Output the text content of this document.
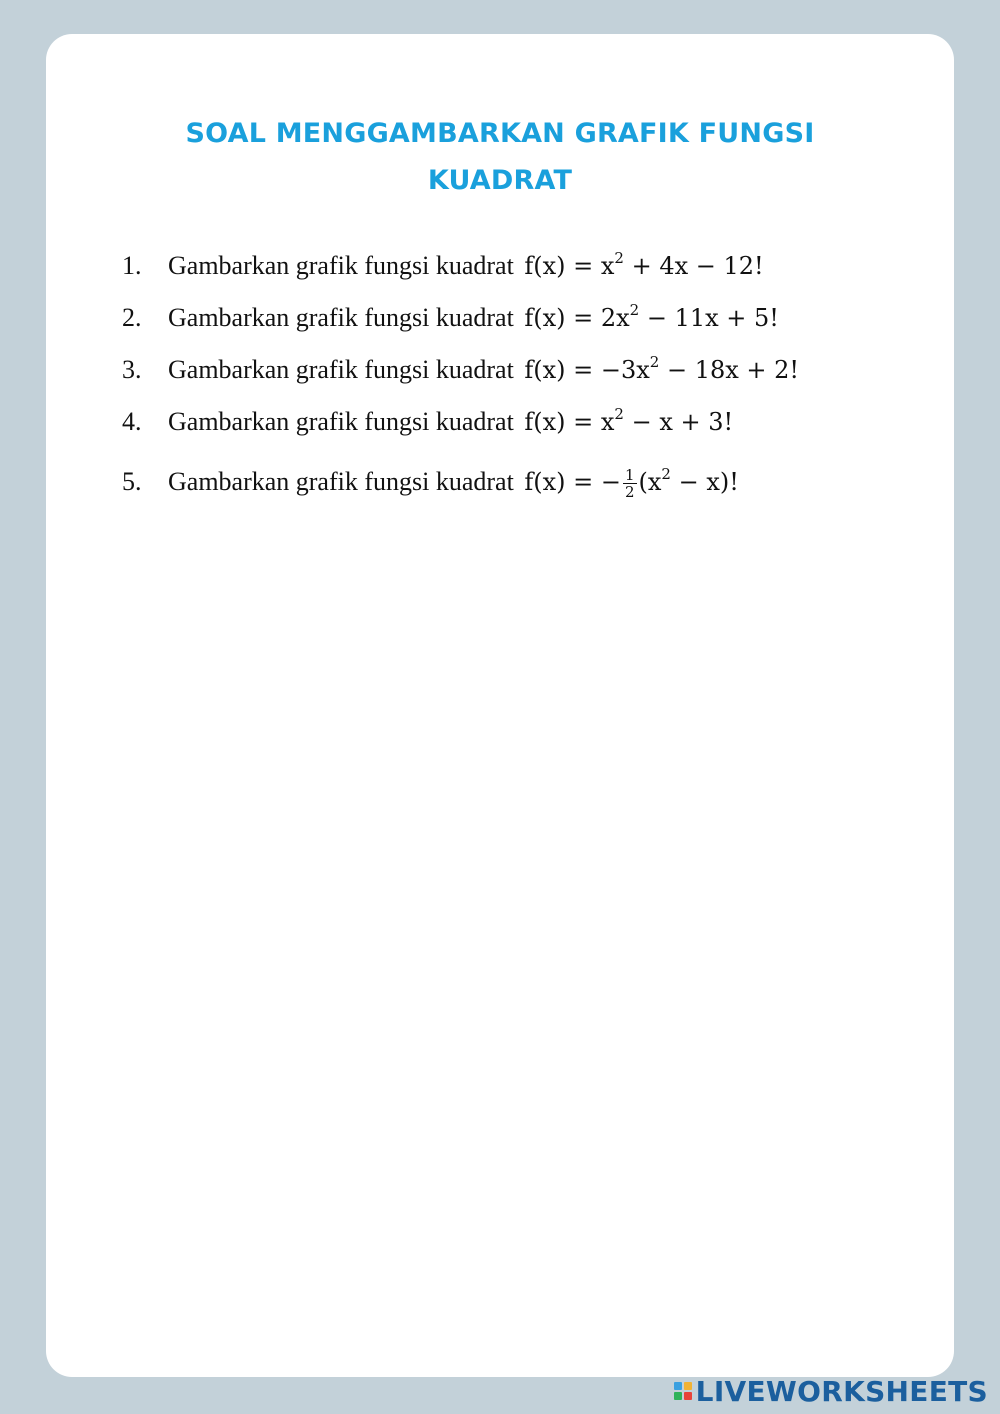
SOAL MENGGAMBARKAN GRAFIK FUNGSI
KUADRAT
1. Gambarkan grafik fungsi kuadrat $f(x) = x^2 + 4x - 12$!
2. Gambarkan grafik fungsi kuadrat $f(x) = 2x^2 - 11x + 5$!
3. Gambarkan grafik fungsi kuadrat $f(x) = -3x^2 - 18x + 2$!
4. Gambarkan grafik fungsi kuadrat $f(x) = x^2 - x + 3$!
5. Gambarkan grafik fungsi kuadrat f(x) = − $\frac{1}{2} (x^2 - x)$!
LIVEWORKSHEETS
